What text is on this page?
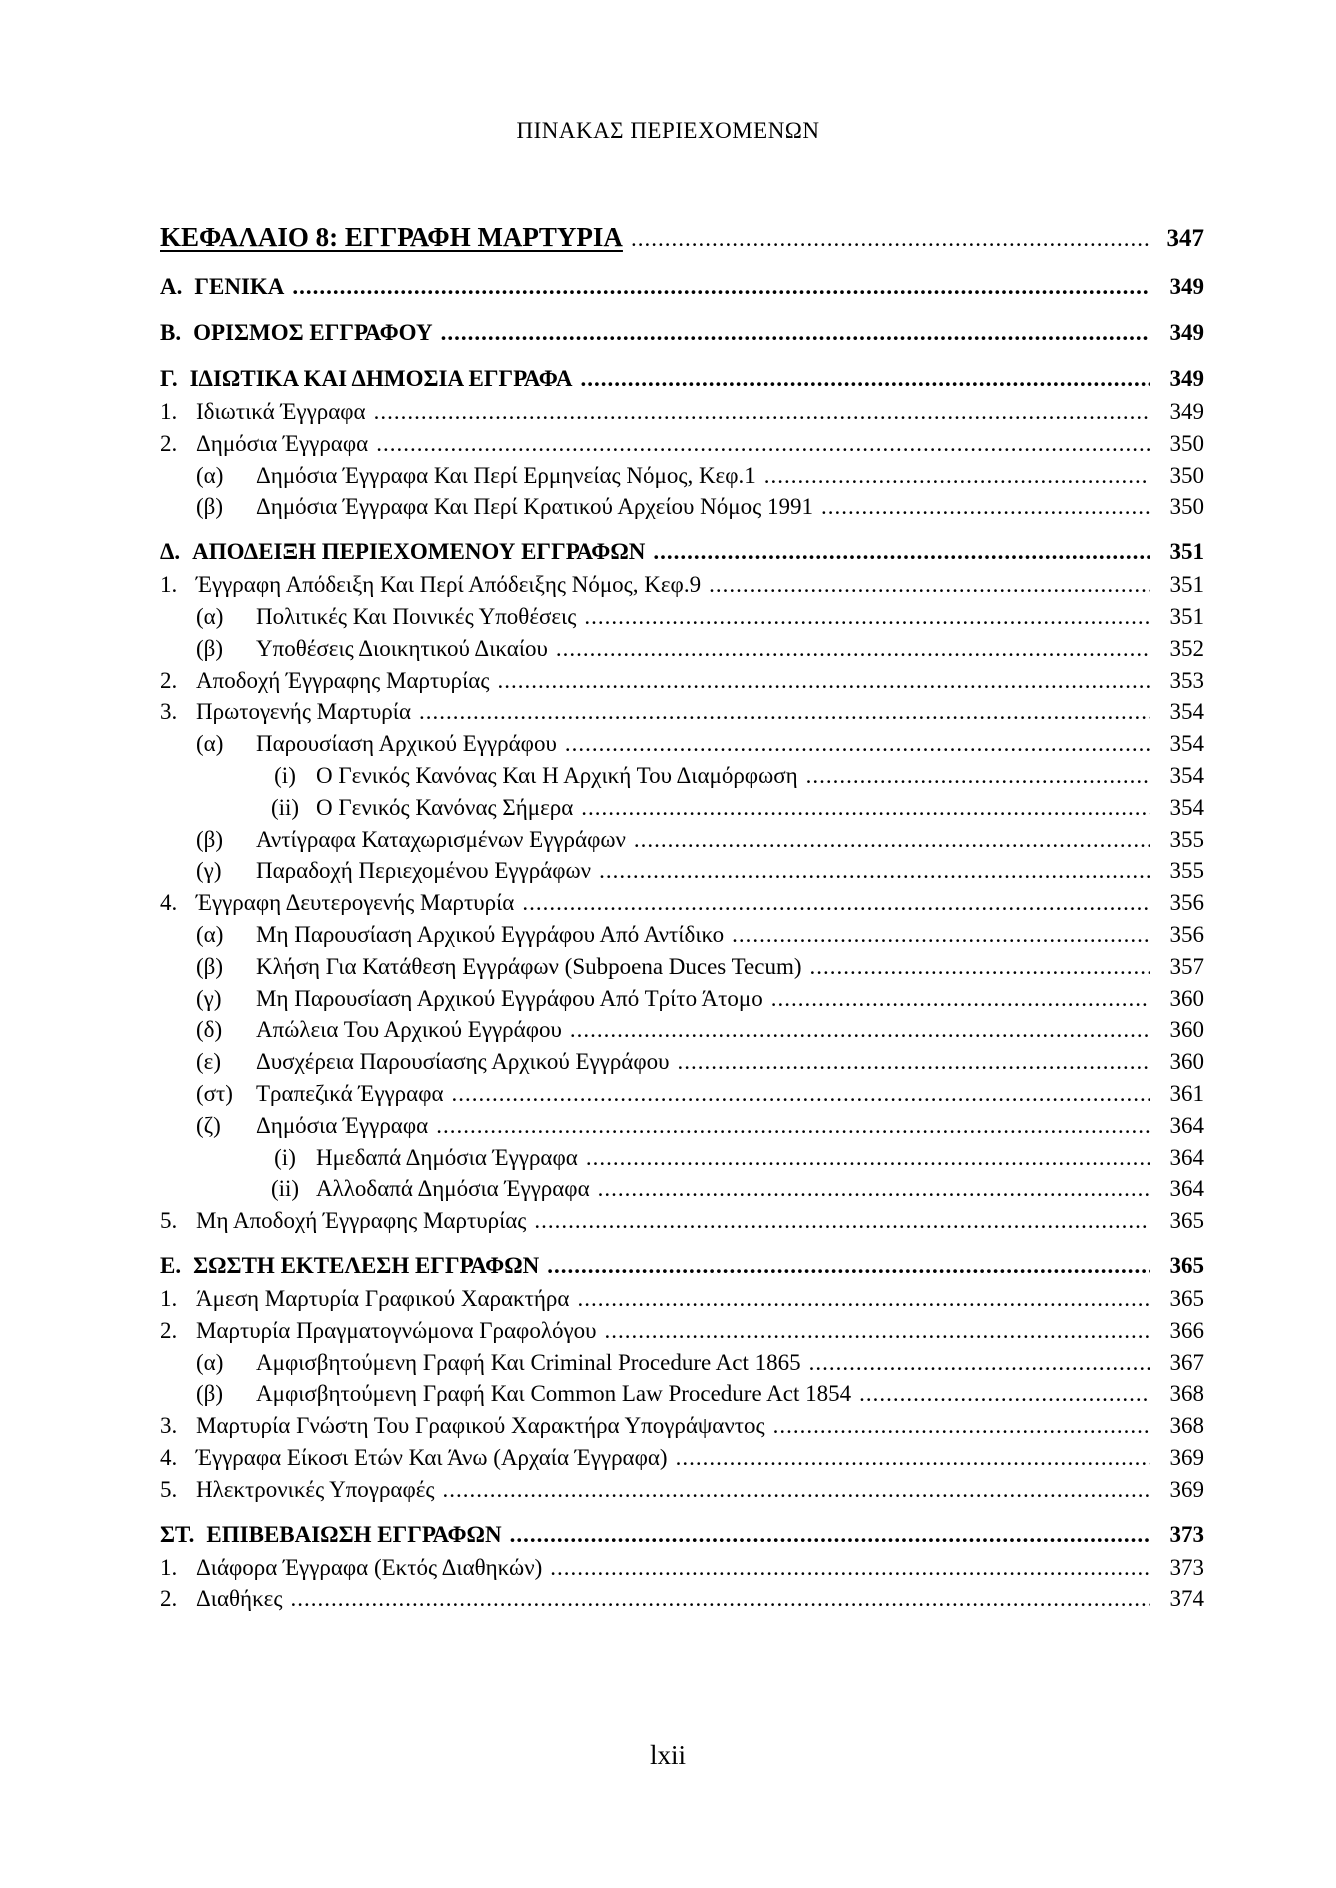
ΠΙΝΑΚΑΣ ΠΕΡΙΕΧΟΜΕΝΩΝ
ΚΕΦΑΛΑΙΟ 8: ΕΓΓΡΑΦΗ ΜΑΡΤΥΡΙΑ .....	347
Α. ΓΕΝΙΚΑ .....	349
Β. ΟΡΙΣΜΟΣ ΕΓΓΡΑΦΟΥ .....	349
Γ. ΙΔΙΩΤΙΚΑ ΚΑΙ ΔΗΜΟΣΙΑ ΕΓΓΡΑΦΑ .....	349
1. Ιδιωτικά Έγγραφα .....	349
2. Δημόσια Έγγραφα .....	350
(α)	Δημόσια Έγγραφα Και Περί Ερμηνείας Νόμος, Κεφ.1 .....	350
(β)	Δημόσια Έγγραφα Και Περί Κρατικού Αρχείου Νόμος 1991 .....	350
Δ. ΑΠΟΔΕΙΞΗ ΠΕΡΙΕΧΟΜΕΝΟΥ ΕΓΓΡΑΦΩΝ .....	351
1. Έγγραφη Απόδειξη Και Περί Απόδειξης Νόμος, Κεφ.9 .....	351
(α)	Πολιτικές Και Ποινικές Υποθέσεις .....	351
(β)	Υποθέσεις Διοικητικού Δικαίου .....	352
2. Αποδοχή Έγγραφης Μαρτυρίας .....	353
3. Πρωτογενής Μαρτυρία .....	354
(α)	Παρουσίαση Αρχικού Εγγράφου .....	354
(i) Ο Γενικός Κανόνας Και Η Αρχική Του Διαμόρφωση .....	354
(ii) Ο Γενικός Κανόνας Σήμερα .....	354
(β)	Αντίγραφα Καταχωρισμένων Εγγράφων .....	355
(γ)	Παραδοχή Περιεχομένου Εγγράφων .....	355
4. Έγγραφη Δευτερογενής Μαρτυρία .....	356
(α)	Μη Παρουσίαση Αρχικού Εγγράφου Από Αντίδικο .....	356
(β)	Κλήση Για Κατάθεση Εγγράφων (Subpoena Duces Tecum) .....	357
(γ)	Μη Παρουσίαση Αρχικού Εγγράφου Από Τρίτο Άτομο .....	360
(δ)	Απώλεια Του Αρχικού Εγγράφου .....	360
(ε)	Δυσχέρεια Παρουσίασης Αρχικού Εγγράφου .....	360
(στ)	Τραπεζικά Έγγραφα .....	361
(ζ)	Δημόσια Έγγραφα .....	364
(i) Ημεδαπά Δημόσια Έγγραφα .....	364
(ii) Αλλοδαπά Δημόσια Έγγραφα .....	364
5. Μη Αποδοχή Έγγραφης Μαρτυρίας .....	365
Ε. ΣΩΣΤΗ ΕΚΤΕΛΕΣΗ ΕΓΓΡΑΦΩΝ .....	365
1. Άμεση Μαρτυρία Γραφικού Χαρακτήρα .....	365
2. Μαρτυρία Πραγματογνώμονα Γραφολόγου .....	366
(α)	Αμφισβητούμενη Γραφή Και Criminal Procedure Act 1865 .....	367
(β)	Αμφισβητούμενη Γραφή Και Common Law Procedure Act 1854 .....	368
3. Μαρτυρία Γνώστη Του Γραφικού Χαρακτήρα Υπογράψαντος .....	368
4. Έγγραφα Είκοσι Ετών Και Άνω (Αρχαία Έγγραφα) .....	369
5. Ηλεκτρονικές Υπογραφές .....	369
ΣΤ. ΕΠΙΒΕΒΑΙΩΣΗ ΕΓΓΡΑΦΩΝ .....	373
1. Διάφορα Έγγραφα (Εκτός Διαθηκών) .....	373
2. Διαθήκες .....	374
lxii
